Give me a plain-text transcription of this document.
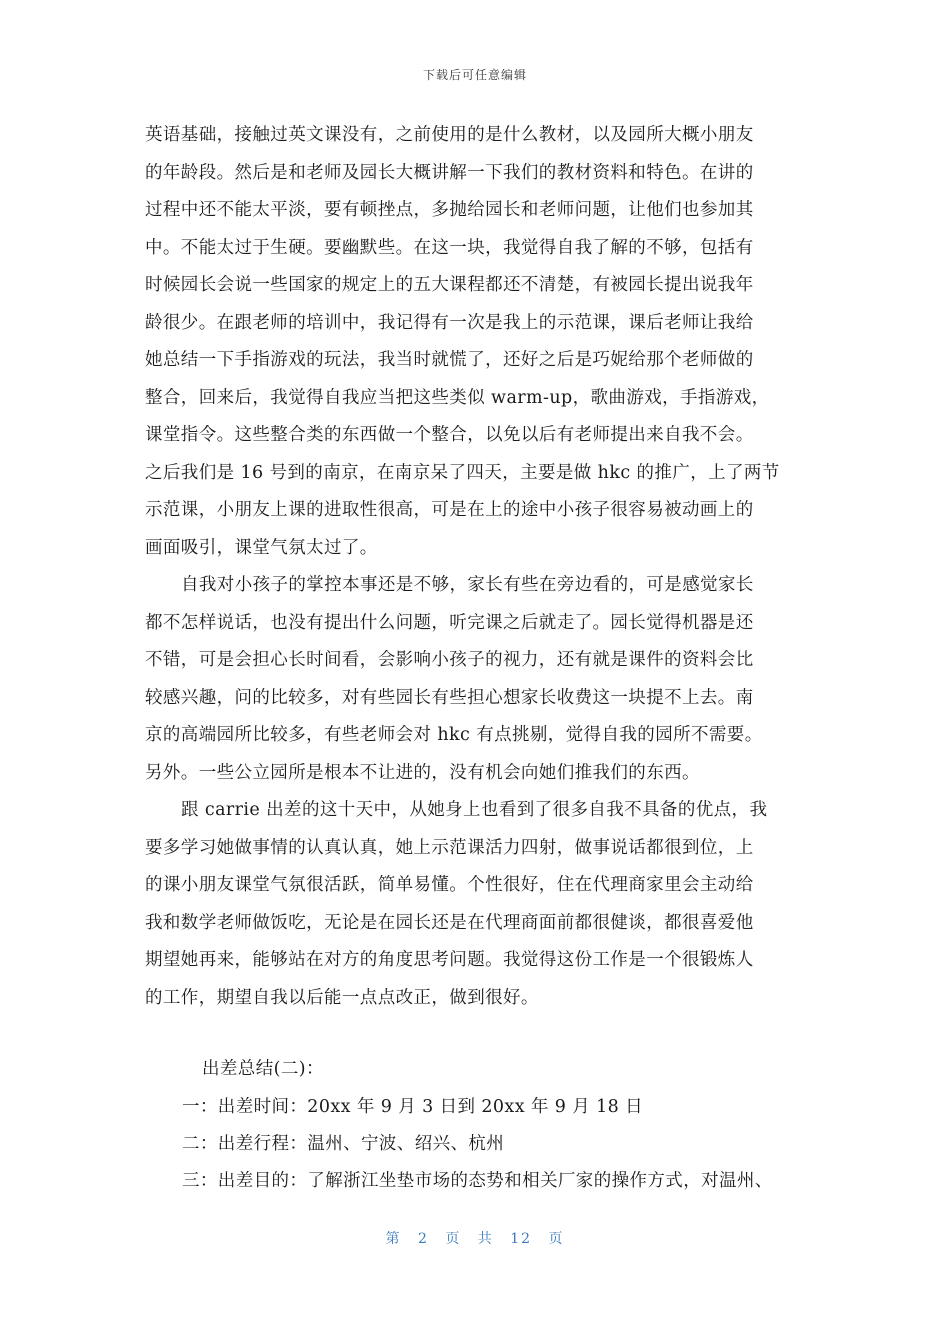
下载后可任意编辑
英语基础，接触过英文课没有，之前使用的是什么教材，以及园所大概小朋友
的年龄段。然后是和老师及园长大概讲解一下我们的教材资料和特色。在讲的
过程中还不能太平淡，要有顿挫点，多抛给园长和老师问题，让他们也参加其
中。不能太过于生硬。要幽默些。在这一块，我觉得自我了解的不够，包括有
时候园长会说一些国家的规定上的五大课程都还不清楚，有被园长提出说我年
龄很少。在跟老师的培训中，我记得有一次是我上的示范课，课后老师让我给
她总结一下手指游戏的玩法，我当时就慌了，还好之后是巧妮给那个老师做的
整合，回来后，我觉得自我应当把这些类似 warm-up，歌曲游戏，手指游戏，
课堂指令。这些整合类的东西做一个整合，以免以后有老师提出来自我不会。
之后我们是 16 号到的南京，在南京呆了四天，主要是做 hkc 的推广，上了两节
示范课，小朋友上课的进取性很高，可是在上的途中小孩子很容易被动画上的
画面吸引，课堂气氛太过了。
自我对小孩子的掌控本事还是不够，家长有些在旁边看的，可是感觉家长
都不怎样说话，也没有提出什么问题，听完课之后就走了。园长觉得机器是还
不错，可是会担心长时间看，会影响小孩子的视力，还有就是课件的资料会比
较感兴趣，问的比较多，对有些园长有些担心想家长收费这一块提不上去。南
京的高端园所比较多，有些老师会对 hkc 有点挑剔，觉得自我的园所不需要。
另外。一些公立园所是根本不让进的，没有机会向她们推我们的东西。
跟 carrie 出差的这十天中，从她身上也看到了很多自我不具备的优点，我
要多学习她做事情的认真认真，她上示范课活力四射，做事说话都很到位，上
的课小朋友课堂气氛很活跃，简单易懂。个性很好，住在代理商家里会主动给
我和数学老师做饭吃，无论是在园长还是在代理商面前都很健谈，都很喜爱他
期望她再来，能够站在对方的角度思考问题。我觉得这份工作是一个很锻炼人
的工作，期望自我以后能一点点改正，做到很好。
出差总结(二)：
一：出差时间：20xx 年 9 月 3 日到 20xx 年 9 月 18 日
二：出差行程：温州、宁波、绍兴、杭州
三：出差目的：了解浙江坐垫市场的态势和相关厂家的操作方式，对温州、
第 2 页 共 12 页
